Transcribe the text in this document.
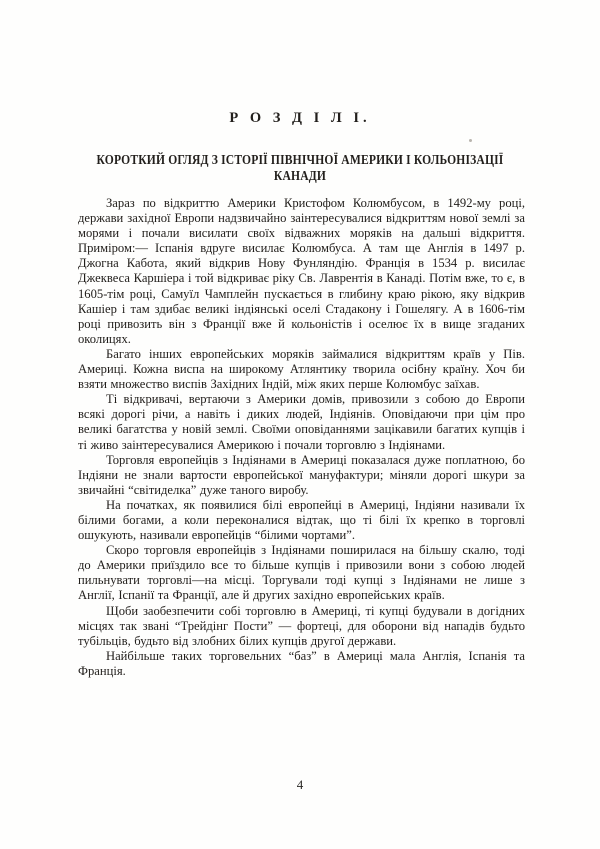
Р О З Д І Л I.
КОРОТКИЙ ОГЛЯД З ІСТОРІЇ ПІВНІЧНОЇ АМЕРИКИ І КОЛЬОНІЗАЦІЇ
КАНАДИ

Зараз по відкриттю Америки Кристофом Колюмбусом, в 1492-му році, держави західної Европи надзвичайно заінтересувалися відкриттям нової землі за морями і почали висилати своїх відважних моряків на дальші відкриття. Приміром:— Іспанія вдруге висилає Колюмбуса. А там ще Англія в 1497 р. Джогна Кабота, який відкрив Нову Фунляндію. Франція в 1534 р. висилає Джеквеса Каршіера і той відкриває ріку Св. Лаврентія в Канаді. Потім вже, то є, в 1605-тім році, Самуїл Чамплейн пускається в глибину краю рікою, яку відкрив Кашіер і там здибає великі індіянські оселі Стадакону і Гошелягу. А в 1606-тім році привозить він з Франції вже й кольоністів і оселює їх в вище згаданих околицях.

Багато інших европейських моряків займалися відкриттям країв у Пів. Америці. Кожна виспа на широкому Атлянтику творила осібну країну. Хоч би взяти множество виспів Західних Індій, між яких перше Колюмбус заїхав.

Ті відкривачі, вертаючи з Америки домів, привозили з собою до Европи всякі дорогі річи, а навіть і диких людей, Індіянів. Оповідаючи при цім про великі багатства у новій землі. Своїми оповіданнями зацікавили багатих купців і ті живо заінтересувалися Америкою і почали торговлю з Індіянами.

Торговля европейців з Індіянами в Америці показалася дуже поплатною, бо Індіяни не знали вартости европейської мануфактури; міняли дорогі шкури за звичайні “світиделка” дуже таного виробу.

На початках, як появилися білі европейці в Америці, Індіяни називали їх білими богами, а коли переконалися відтак, що ті білі їх крепко в торговлі ошукують, називали европейців “білими чортами”.

Скоро торговля европейців з Індіянами поширилася на більшу скалю, тоді до Америки приїздило все то більше купців і привозили вони з собою людей пильнувати торговлі—на місці. Торгували тоді купці з Індіянами не лише з Англії, Іспанії та Франції, але й других західно европейських країв.

Щоби заобезпечити собі торговлю в Америці, ті купці будували в догідних місцях так звані “Трейдінг Пости” — фортеці, для оборони від нападів будьто тубільців, будьто від злобних білих купців другої держави.

Найбільше таких торговельних “баз” в Америці мала Англія, Іспанія та Франція.

4
